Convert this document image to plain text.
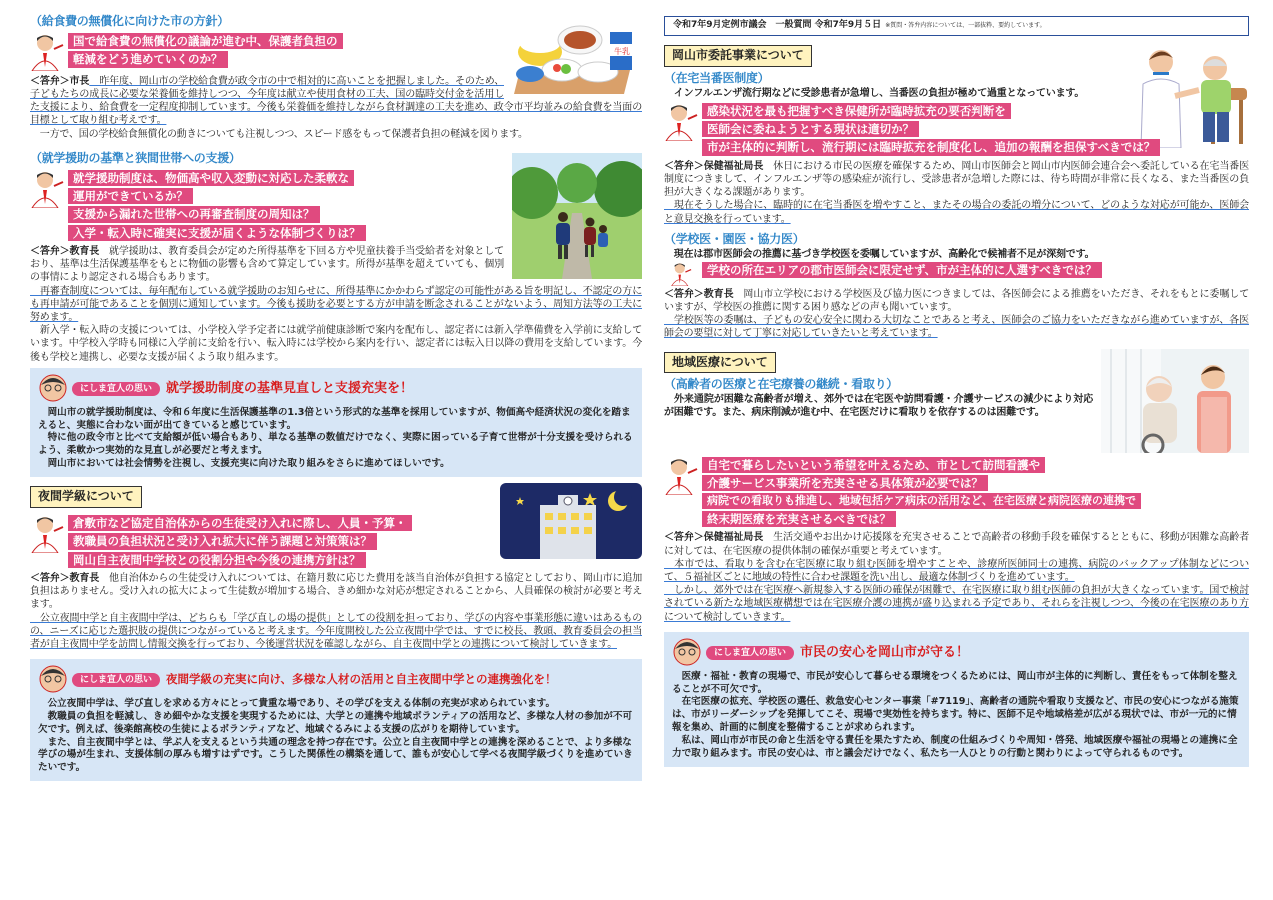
牛乳
（給食費の無償化に向けた市の方針）
国で給食費の無償化の議論が進む中、保護者負担の
軽減をどう進めていくのか？

＜答弁＞市長　昨年度、岡山市の学校給食費が政令市の中で相対的に高いことを把握しました。そのため、子どもたちの成長に必要な栄養価を維持しつつ、今年度は献立や使用食材の工夫、国の臨時交付金を活用した支援により、給食費を一定程度抑制しています。今後も栄養価を維持しながら食材調達の工夫を進め、政令市平均並みの給食費を当面の目標として取り組む考えです。

　一方で、国の学校給食無償化の動きについても注視しつつ、スピード感をもって保護者負担の軽減を図ります。

（就学援助の基準と狭間世帯への支援）
就学援助制度は、物価高や収入変動に対応した柔軟な
運用ができているか？
支援から漏れた世帯への再審査制度の周知は？
入学・転入時に確実に支援が届くような体制づくりは？

＜答弁＞教育長　就学援助は、教育委員会が定めた所得基準を下回る方や児童扶養手当受給者を対象としており、基準は生活保護基準をもとに物価の影響も含めて算定しています。所得が基準を超えていても、個別の事情により認定される場合もあります。

　再審査制度については、毎年配布している就学援助のお知らせに、所得基準にかかわらず認定の可能性がある旨を明記し、不認定の方にも再申請が可能であることを個別に通知しています。今後も援助を必要とする方が申請を断念されることがないよう、周知方法等の工夫に努めます。

　新入学・転入時の支援については、小学校入学予定者には就学前健康診断で案内を配布し、認定者には新入学準備費を入学前に支給しています。中学校入学時も同様に入学前に支給を行い、転入時には学校から案内を行い、認定者には転入日以降の費用を支給しています。今後も学校と連携し、必要な支援が届くよう取り組みます。

にしま宣人の思い	就学援助制度の基準見直しと支援充実を！

　岡山市の就学援助制度は、令和６年度に生活保護基準の1.3倍という形式的な基準を採用していますが、物価高や経済状況の変化を踏まえると、実態に合わない面が出てきていると感じています。

　特に他の政令市と比べて支給額が低い場合もあり、単なる基準の数値だけでなく、実際に困っている子育て世帯が十分支援を受けられるよう、柔軟かつ実効的な見直しが必要だと考えます。

　岡山市においては社会情勢を注視し、支援充実に向けた取り組みをさらに進めてほしいです。

夜間学級について
倉敷市など協定自治体からの生徒受け入れに際し、人員・予算・
教職員の負担状況と受け入れ拡大に伴う課題と対策策は？
岡山自主夜間中学校との役割分担や今後の連携方針は？

＜答弁＞教育長　他自治体からの生徒受け入れについては、在籍月数に応じた費用を該当自治体が負担する協定としており、岡山市に追加負担はありません。受け入れの拡大によって生徒数が増加する場合、きめ細かな対応が想定されることから、人員確保の検討が必要と考えます。

　公立夜間中学と自主夜間中学は、どちらも「学び直しの場の提供」としての役割を担っており、学びの内容や事業形態に違いはあるものの、ニーズに応じた選択肢の提供につながっていると考えます。今年度開校した公立夜間中学では、すでに校長、教頭、教育委員会の担当者が自主夜間中学を訪問し情報交換を行っており、今後運営状況を確認しながら、自主夜間中学との連携について検討していきます。

にしま宣人の思い	夜間学級の充実に向け、多様な人材の活用と自主夜間中学との連携強化を！

　公立夜間中学は、学び直しを求める方々にとって貴重な場であり、その学びを支える体制の充実が求められています。

　教職員の負担を軽減し、きめ細やかな支援を実現するためには、大学との連携や地域ボランティアの活用など、多様な人材の参加が不可欠です。例えば、後楽館高校の生徒によるボランティアなど、地域ぐるみによる支援の広がりを期待しています。

　また、自主夜間中学とは、学ぶ人を支えるという共通の理念を持つ存在です。公立と自主夜間中学との連携を深めることで、より多様な学びの場が生まれ、支援体制の厚みも増すはずです。こうした関係性の構築を通して、誰もが安心して学べる夜間学級づくりを進めていきたいです。

令和7年9月定例市議会　一般質問 令和7年9月５日 ※質問・答弁内容については、一部抜粋、要約しています。
岡山市委託事業について
（在宅当番医制度）

　インフルエンザ流行期などに受診患者が急増し、当番医の負担が極めて過重となっています。

感染状況を最も把握すべき保健所が臨時拡充の要否判断を
医師会に委ねようとする現状は適切か？
市が主体的に判断し、流行期には臨時拡充を制度化し、追加の報酬を担保すべきでは？

＜答弁＞保健福祉局長　休日における市民の医療を確保するため、岡山市医師会と岡山市内医師会連合会へ委託している在宅当番医制度につきまして、インフルエンザ等の感染症が流行し、受診患者が急増した際には、待ち時間が非常に長くなる、また当番医の負担が大きくなる課題があります。

　現在そうした場合に、臨時的に在宅当番医を増やすこと、またその場合の委託の増分について、どのような対応が可能か、医師会と意見交換を行っています。

（学校医・園医・協力医）

　現在は郡市医師会の推薦に基づき学校医を委嘱していますが、高齢化で候補者不足が深刻です。

学校の所在エリアの郡市医師会に限定せず、市が主体的に人選すべきでは？

＜答弁＞教育長　岡山市立学校における学校医及び協力医につきましては、各医師会による推薦をいただき、それをもとに委嘱していますが、学校医の推薦に関する困り感などの声も聞いています。

　学校医等の委嘱は、子どもの安心安全に関わる大切なことであると考え、医師会のご協力をいただきながら進めていますが、各医師会の要望に対して丁寧に対応していきたいと考えています。

地域医療について
（高齢者の医療と在宅療養の継続・看取り）

　外来通院が困難な高齢者が増え、郊外では在宅医や訪問看護・介護サービスの減少により対応が困難です。また、病床削減が進む中、在宅医だけに看取りを依存するのは困難です。

自宅で暮らしたいという希望を叶えるため、市として訪問看護や
介護サービス事業所を充実させる具体策が必要では？
病院での看取りも推進し、地域包括ケア病床の活用など、在宅医療と病院医療の連携で
終末期医療を充実させるべきでは？

＜答弁＞保健福祉局長　生活交通やお出かけ応援隊を充実させることで高齢者の移動手段を確保するとともに、移動が困難な高齢者に対しては、在宅医療の提供体制の確保が重要と考えています。

　本市では、看取りを含む在宅医療に取り組む医師を増やすことや、診療所医師同士の連携、病院のバックアップ体制などについて、５福祉区ごとに地域の特性に合わせ課題を洗い出し、最適な体制づくりを進めています。

　しかし、郊外では在宅医療へ新規参入する医師の確保が困難で、在宅医療に取り組む医師の負担が大きくなっています。国で検討されている新たな地域医療構想では在宅医療介護の連携が盛り込まれる予定であり、それらを注視しつつ、今後の在宅医療のあり方について検討していきます。

にしま宣人の思い	市民の安心を岡山市が守る！

　医療・福祉・教育の現場で、市民が安心して暮らせる環境をつくるためには、岡山市が主体的に判断し、責任をもって体制を整えることが不可欠です。

　在宅医療の拡充、学校医の選任、救急安心センター事業「#7119」、高齢者の通院や看取り支援など、市民の安心につながる施策は、市がリーダーシップを発揮してこそ、現場で実効性を持ちます。特に、医師不足や地域格差が広がる現状では、市が一元的に情報を集め、計画的に制度を整備することが求められます。

　私は、岡山市が市民の命と生活を守る責任を果たすため、制度の仕組みづくりや周知・啓発、地域医療や福祉の現場との連携に全力で取り組みます。市民の安心は、市と議会だけでなく、私たち一人ひとりの行動と関わりによって守られるものです。
